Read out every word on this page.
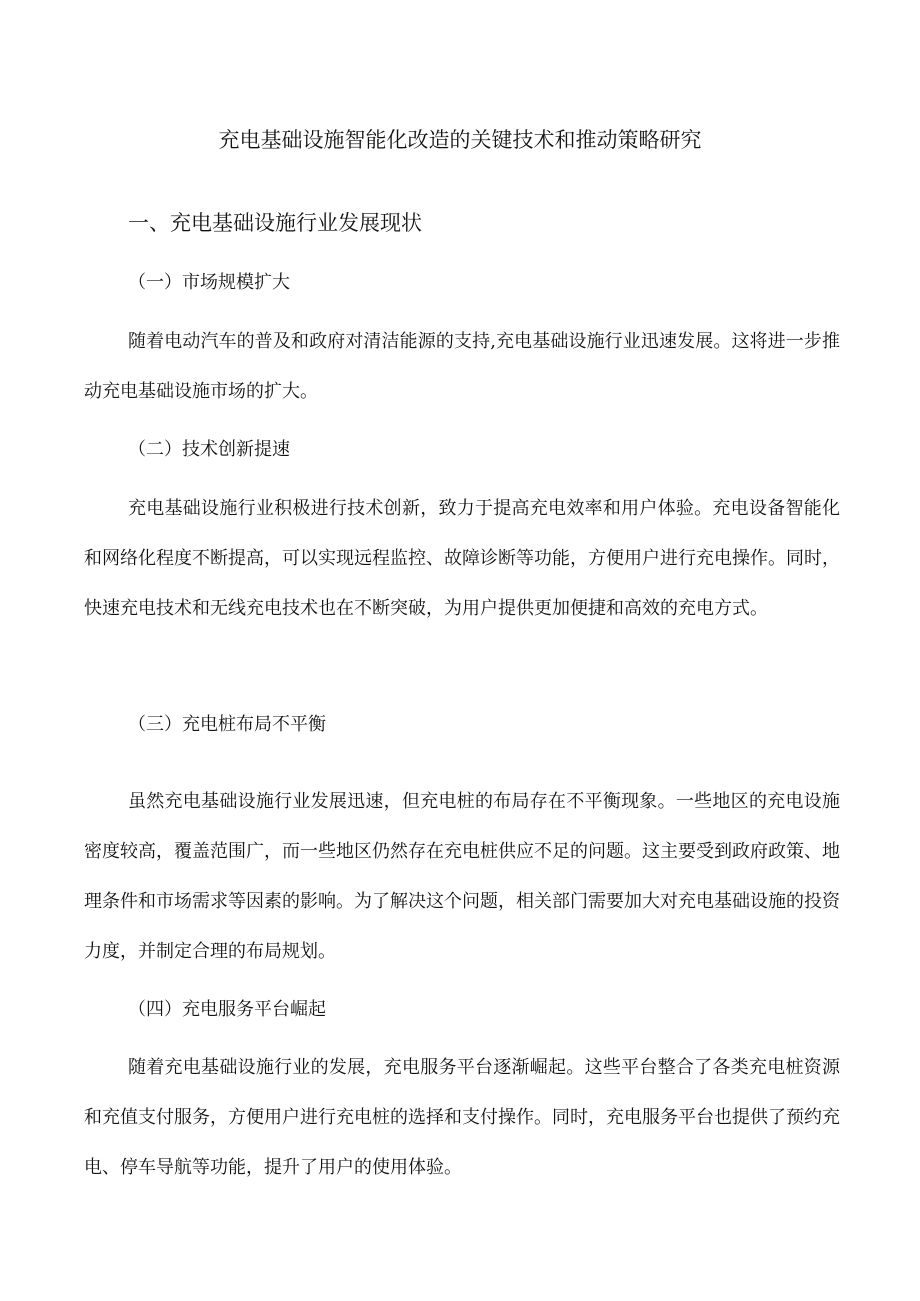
充电基础设施智能化改造的关键技术和推动策略研究
一、充电基础设施行业发展现状
（一）市场规模扩大

随着电动汽车的普及和政府对清洁能源的支持,充电基础设施行业迅速发展。这将进一步推动充电基础设施市场的扩大。

（二）技术创新提速

充电基础设施行业积极进行技术创新，致力于提高充电效率和用户体验。充电设备智能化和网络化程度不断提高，可以实现远程监控、故障诊断等功能，方便用户进行充电操作。同时，快速充电技术和无线充电技术也在不断突破，为用户提供更加便捷和高效的充电方式。

（三）充电桩布局不平衡

虽然充电基础设施行业发展迅速，但充电桩的布局存在不平衡现象。一些地区的充电设施密度较高，覆盖范围广，而一些地区仍然存在充电桩供应不足的问题。这主要受到政府政策、地理条件和市场需求等因素的影响。为了解决这个问题，相关部门需要加大对充电基础设施的投资力度，并制定合理的布局规划。

（四）充电服务平台崛起

随着充电基础设施行业的发展，充电服务平台逐渐崛起。这些平台整合了各类充电桩资源和充值支付服务，方便用户进行充电桩的选择和支付操作。同时，充电服务平台也提供了预约充电、停车导航等功能，提升了用户的使用体验。
